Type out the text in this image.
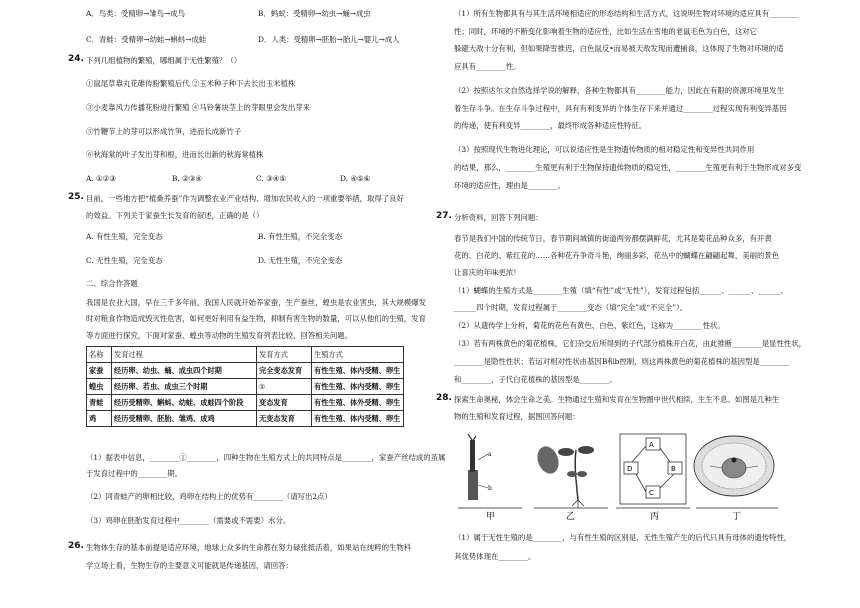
A．鸟类：受精卵→雏鸟→成鸟	B．蚂蚁：受精卵→幼虫→蛹→成虫
C．青蛙：受精卵→幼蛙→蝌蚪→成蛙	D．人类：受精卵→胚胎→胎儿→婴儿→成人
24. 下列几组植物的繁殖，哪组属于无性繁殖？（）
①鼠尾草靠丸花碓传粉繁殖后代 ②玉米种子种下去长出玉米植株
③小麦靠风力传播花粉进行繁殖 ④马铃薯块茎上的芽眼里会发出芽来
⑤竹鞭节上的芽可以形成竹笋，进而长成新竹子
⑥秋海棠的叶子发出芽和根，进而长出新的秋海棠植株
A. ①②③	B. ②③④	C. ③④⑤	D. ④⑤⑥
25. 目前，一些地方把“植桑养蚕”作为调整农业产业结构、增加农民收入的一项重要举措，取得了良好
的效益。下列关于家蚕生长发育的叙述，正确的是（）
A. 有性生殖，完全变态	B. 有性生殖，不完全变态
C. 无性生殖，完全变态	D. 无性生殖，不完全变态
二、综合作答题
我国是农业大国，早在三千多年前，我国人民就开始养家蚕，生产蚕丝，蝗虫是农业害虫，其大规模爆发
时对粮食作物造成毁灭性危害，如何更好利用有益生物，抑制有害生物的数量，可以从他们的生殖，发育
等方面进行探究，下面对家蚕、蝗虫等动物的生殖发育列表比较，回答相关问题。
名称	发育过程	发育方式	生殖方式
家蚕	经历卵、幼虫、蛹、成虫四个时期	完全变态发育	有性生殖、体内受精、卵生
蝗虫	经历卵、若虫、成虫三个时期	①	有性生殖、体内受精、卵生
青蛙	经历受精卵、蝌蚪、幼蛙、成蛙四个阶段	变态发育	有性生殖、体外受精、卵生
鸡	经历受精卵、胚胎、雏鸡、成鸡	无变态发育	有性生殖、体内受精、卵生
（1）据表中信息，________①________，四种生物在生殖方式上的共同特点是________，家蚕产丝结成的茧属
于发育过程中的________期。
（2）同青蛙产的卵相比较，鸡卵在结构上的优势有________（请写出2点）
（3）鸡卵在胚胎发育过程中________（需要或不需要）水分。
26. 生物体生存的基本前提是适应环境，地球上众多的生命都在努力碌张抵活着，如果站在纯粹的生物科
学立场上看，生物生存的主要意义可能就是传递基因，请回答：
（1）所有生物都具有与其生活环境相适应的形态结构和生活方式，这说明生物对环境的适应具有________
性；同时，环境的不断变化影响着生物的适应性，比如生活在雪地的老鼠毛色为白色，这对它
躲避大敌十分有利，但如果降雪推迟，白色鼠反•而易被天敌发现而遭捕食，这体现了生物对环境的适
应具有________性。
（2）按照达尔文自然选择学说的解释，各种生物都具有________能力，因此在有限的资源环境里发生
着生存斗争。在生存斗争过程中，具有有利变异的个体生存下来并通过________过程实现有利变异基因
的传递，使有利变异________，最终形成各种适应性特征。
（3）按照现代生物进化理论，可以说适应性是生物遗传物质的相对稳定性和变异性共同作用
的结果，那么，________生殖更有利于生物保持遗传物质的稳定性，________生殖更有利于生物形成对多变
环境的适应性，理由是________。
27. 分析资料，回答下列问题：
春节是我们中国的传统节日，春节期间城镇的街道两旁都摆满鲜花，尤其是菊花品种众多，有开黄
花的、白花的、紫红花的……各种花卉争奇斗艳，绚丽多彩，花丛中的蝴蝶在翩翩起舞，美丽的景色
让喜庆的年味更浓！
（1）蝴蝶的生殖方式是________生殖（填“有性”或“无性”），发育过程包括______、______、______、
______四个时期，发育过程属于________变态（填“完全”或“不完全”）。
（2）从遗传学上分析，菊花的花色有黄色、白色、紫红色，这称为________性状。
（3）若有两株黄色的菊花植株，它们杂交后所得到的子代部分植株开白花，由此推断________是显性性状，
________是隐性性状；若运对相对性状由基因B和b控制，则这两株黄色的菊花植株的基因型是________
和________，子代白花植株的基因型是________。
28. 探索生命奥秘，体会生命之美。生物通过生殖和发育在生物圈中世代相续，生生不息。如图是几种生
物的生殖和发育过程，据图回答问题：
a
b
甲	乙
A
B
C
D
丙	丁
（1）属于无性生殖的是________，与有性生殖的区别是，无性生殖产生的后代只具有母体的遗传特性，
其优势体现在________。
